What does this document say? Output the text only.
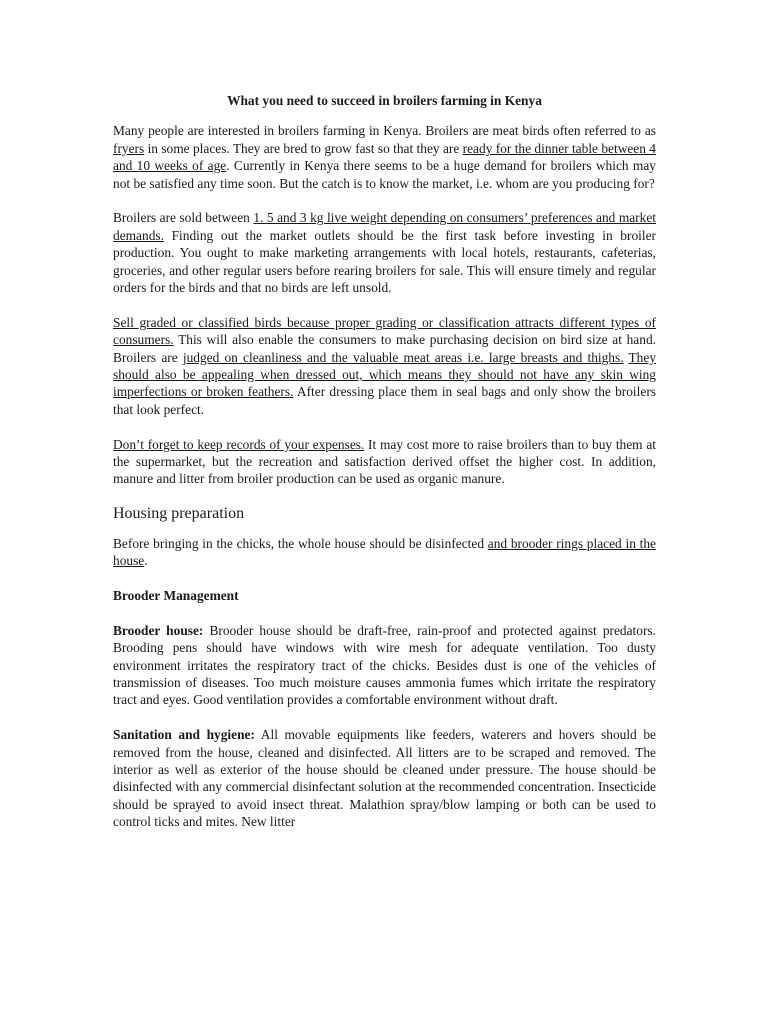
What you need to succeed in broilers farming in Kenya

Many people are interested in broilers farming in Kenya. Broilers are meat birds often referred to as fryers in some places. They are bred to grow fast so that they are ready for the dinner table between 4 and 10 weeks of age. Currently in Kenya there seems to be a huge demand for broilers which may not be satisfied any time soon. But the catch is to know the market, i.e. whom are you producing for?

Broilers are sold between 1. 5 and 3 kg live weight depending on consumers’ preferences and market demands. Finding out the market outlets should be the first task before investing in broiler production. You ought to make marketing arrangements with local hotels, restaurants, cafeterias, groceries, and other regular users before rearing broilers for sale. This will ensure timely and regular orders for the birds and that no birds are left unsold.

Sell graded or classified birds because proper grading or classification attracts different types of consumers. This will also enable the consumers to make purchasing decision on bird size at hand. Broilers are judged on cleanliness and the valuable meat areas i.e. large breasts and thighs. They should also be appealing when dressed out, which means they should not have any skin wing imperfections or broken feathers. After dressing place them in seal bags and only show the broilers that look perfect.

Don’t forget to keep records of your expenses. It may cost more to raise broilers than to buy them at the supermarket, but the recreation and satisfaction derived offset the higher cost. In addition, manure and litter from broiler production can be used as organic manure.

Housing preparation

Before bringing in the chicks, the whole house should be disinfected and brooder rings placed in the house.

Brooder Management

Brooder house: Brooder house should be draft-free, rain-proof and protected against predators. Brooding pens should have windows with wire mesh for adequate ventilation. Too dusty environment irritates the respiratory tract of the chicks. Besides dust is one of the vehicles of transmission of diseases. Too much moisture causes ammonia fumes which irritate the respiratory tract and eyes. Good ventilation provides a comfortable environment without draft.

Sanitation and hygiene: All movable equipments like feeders, waterers and hovers should be removed from the house, cleaned and disinfected. All litters are to be scraped and removed. The interior as well as exterior of the house should be cleaned under pressure. The house should be disinfected with any commercial disinfectant solution at the recommended concentration. Insecticide should be sprayed to avoid insect threat. Malathion spray/blow lamping or both can be used to control ticks and mites. New litter
